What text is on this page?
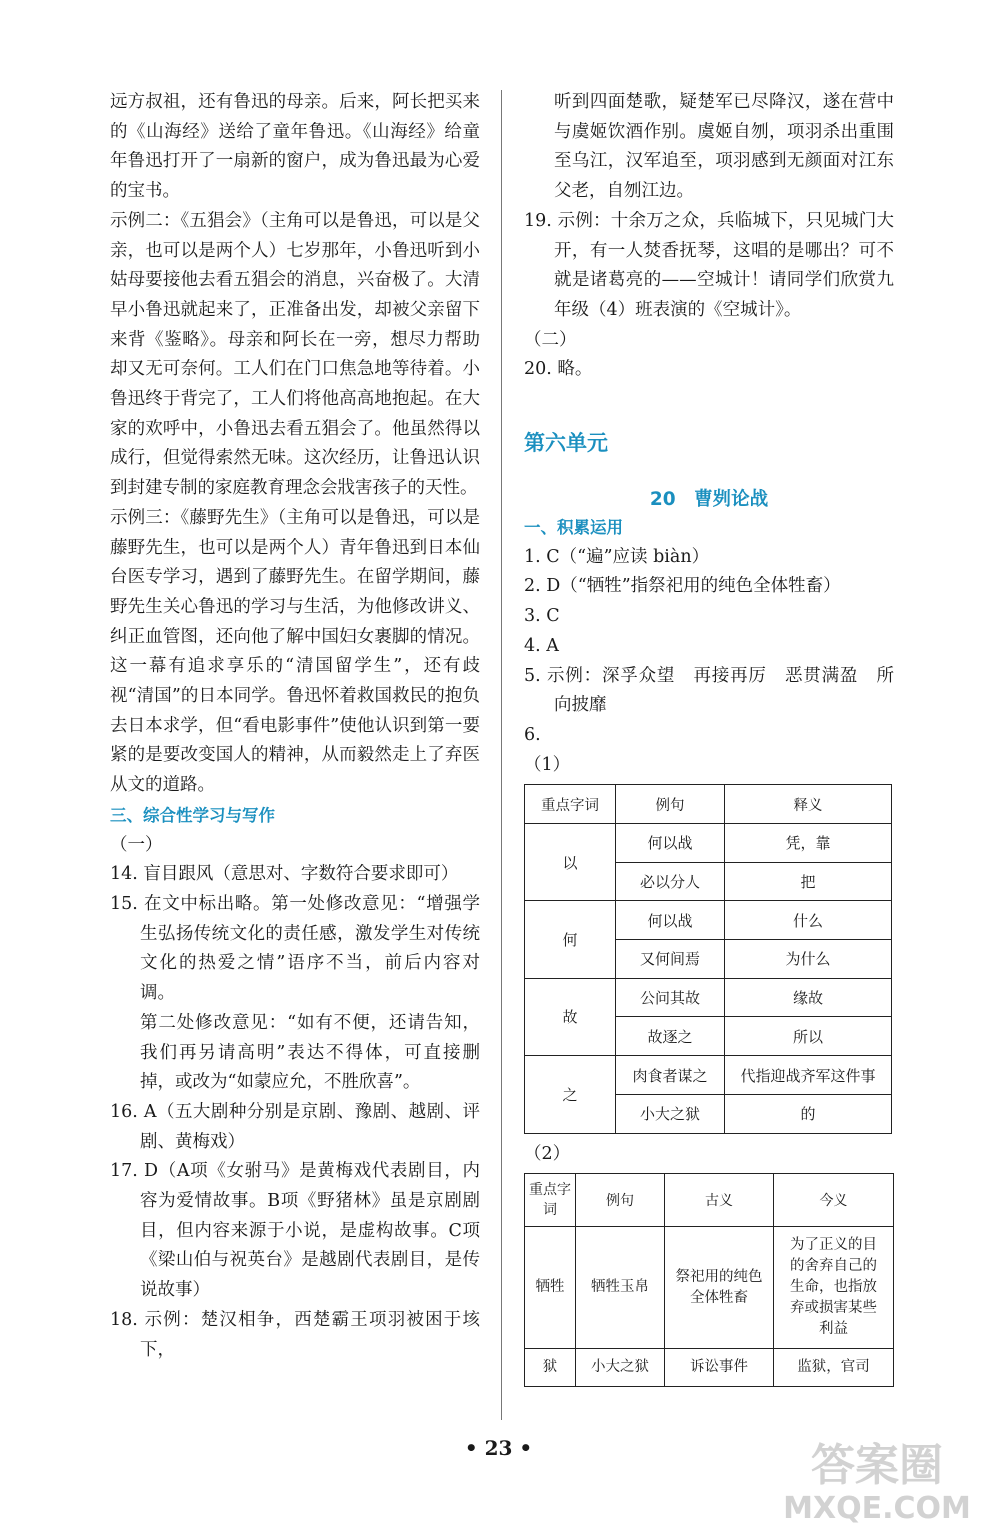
远方叔祖，还有鲁迅的母亲。后来，阿长把买来的《山海经》送给了童年鲁迅。《山海经》给童年鲁迅打开了一扇新的窗户，成为鲁迅最为心爱的宝书。

示例二：《五猖会》（主角可以是鲁迅，可以是父亲，也可以是两个人）七岁那年，小鲁迅听到小姑母要接他去看五猖会的消息，兴奋极了。大清早小鲁迅就起来了，正准备出发，却被父亲留下来背《鉴略》。母亲和阿长在一旁，想尽力帮助却又无可奈何。工人们在门口焦急地等待着。小鲁迅终于背完了，工人们将他高高地抱起。在大家的欢呼中，小鲁迅去看五猖会了。他虽然得以成行，但觉得索然无味。这次经历，让鲁迅认识到封建专制的家庭教育理念会戕害孩子的天性。

示例三：《藤野先生》（主角可以是鲁迅，可以是藤野先生，也可以是两个人）青年鲁迅到日本仙台医专学习，遇到了藤野先生。在留学期间，藤野先生关心鲁迅的学习与生活，为他修改讲义、纠正血管图，还向他了解中国妇女裹脚的情况。这一幕有追求享乐的“清国留学生”，还有歧视“清国”的日本同学。鲁迅怀着救国救民的抱负去日本求学，但“看电影事件”使他认识到第一要紧的是要改变国人的精神，从而毅然走上了弃医从文的道路。

三、综合性学习与写作

（一）

14. 盲目跟风（意思对、字数符合要求即可）

15. 在文中标出略。第一处修改意见：“增强学生弘扬传统文化的责任感，激发学生对传统文化的热爱之情”语序不当，前后内容对调。

第二处修改意见：“如有不便，还请告知，我们再另请高明”表达不得体，可直接删掉，或改为“如蒙应允，不胜欣喜”。

16. A（五大剧种分别是京剧、豫剧、越剧、评剧、黄梅戏）

17. D（A项《女驸马》是黄梅戏代表剧目，内容为爱情故事。B项《野猪林》虽是京剧剧目，但内容来源于小说，是虚构故事。C项《梁山伯与祝英台》是越剧代表剧目，是传说故事）

18. 示例：楚汉相争，西楚霸王项羽被困于垓下，

听到四面楚歌，疑楚军已尽降汉，遂在营中与虞姬饮酒作别。虞姬自刎，项羽杀出重围至乌江，汉军追至，项羽感到无颜面对江东父老，自刎江边。

19. 示例：十余万之众，兵临城下，只见城门大开，有一人焚香抚琴，这唱的是哪出？可不就是诸葛亮的——空城计！请同学们欣赏九年级（4）班表演的《空城计》。

（二）

20. 略。

第六单元
20　曹刿论战

一、积累运用

1. C（“遍”应读 biàn）

2. D（“牺牲”指祭祀用的纯色全体牲畜）

3. C

4. A

5. 示例：深孚众望　再接再厉　恶贯满盈　所向披靡

6.

（1）

重点字词	例句	释义
以	何以战	凭，靠
	必以分人	把
何	何以战	什么
	又何间焉	为什么
故	公问其故	缘故
	故逐之	所以
之	肉食者谋之	代指迎战齐军这件事
	小大之狱	的

（2）

重点字词	例句	古义	今义
牺牲	牺牲玉帛	祭祀用的纯色全体牲畜	为了正义的目的舍弃自己的生命，也指放弃或损害某些利益
狱	小大之狱	诉讼事件	监狱，官司
• 23 •	答案圈
MXQE.COM
